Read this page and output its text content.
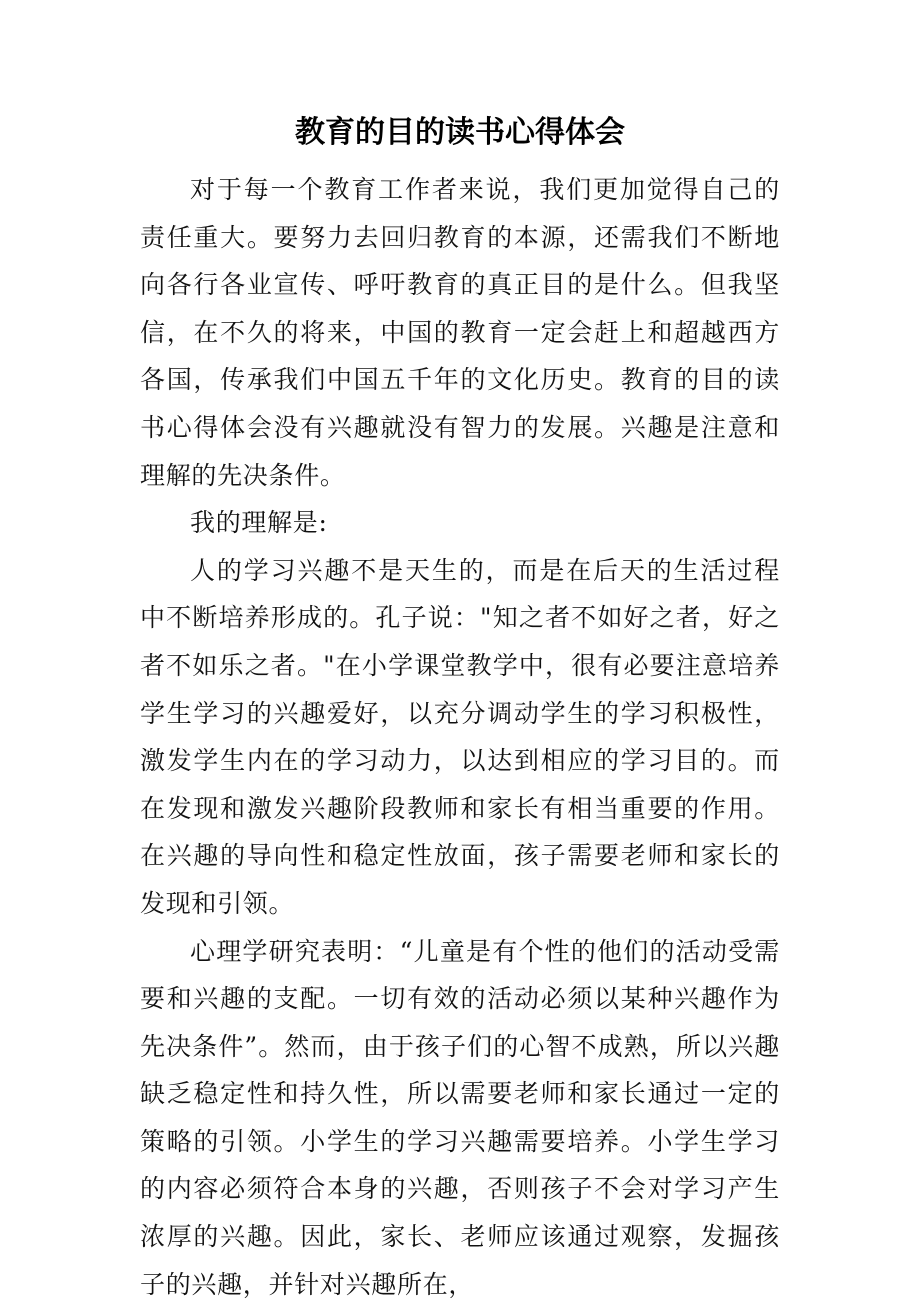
教育的目的读书心得体会

对于每一个教育工作者来说，我们更加觉得自己的责任重大。要努力去回归教育的本源，还需我们不断地向各行各业宣传、呼吁教育的真正目的是什么。但我坚信，在不久的将来，中国的教育一定会赶上和超越西方各国，传承我们中国五千年的文化历史。教育的目的读书心得体会没有兴趣就没有智力的发展。兴趣是注意和理解的先决条件。

我的理解是:

人的学习兴趣不是天生的，而是在后天的生活过程中不断培养形成的。孔子说："知之者不如好之者，好之者不如乐之者。"在小学课堂教学中，很有必要注意培养学生学习的兴趣爱好，以充分调动学生的学习积极性，激发学生内在的学习动力，以达到相应的学习目的。而在发现和激发兴趣阶段教师和家长有相当重要的作用。在兴趣的导向性和稳定性放面，孩子需要老师和家长的发现和引领。

心理学研究表明：“儿童是有个性的他们的活动受需要和兴趣的支配。一切有效的活动必须以某种兴趣作为先决条件”。然而，由于孩子们的心智不成熟，所以兴趣缺乏稳定性和持久性，所以需要老师和家长通过一定的策略的引领。小学生的学习兴趣需要培养。小学生学习的内容必须符合本身的兴趣，否则孩子不会对学习产生浓厚的兴趣。因此，家长、老师应该通过观察，发掘孩子的兴趣，并针对兴趣所在，
